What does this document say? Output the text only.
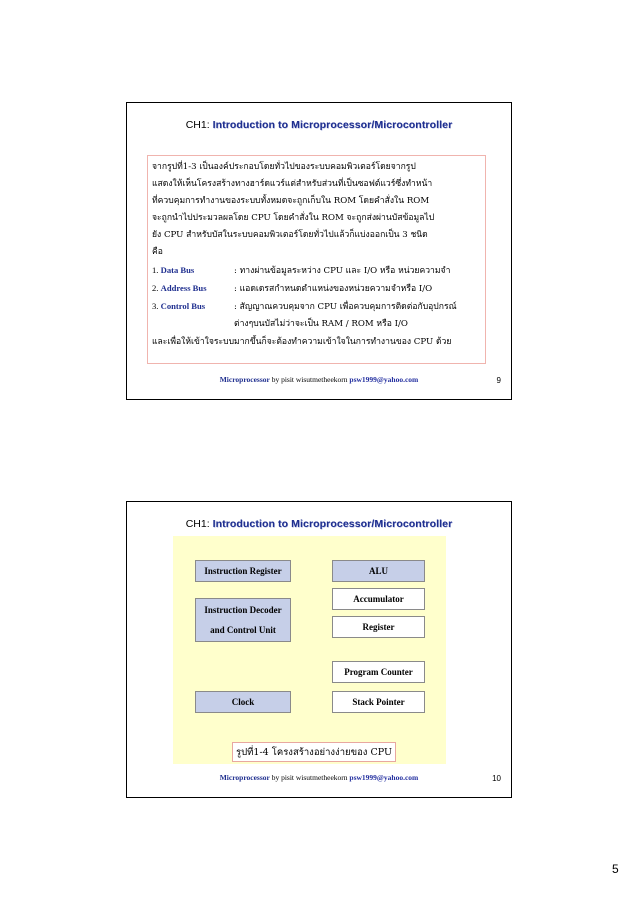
CH1: Introduction to Microprocessor/Microcontroller
จากรูปที่1-3 เป็นองค์ประกอบโดยทั่วไปของระบบคอมพิวเตอร์โดยจากรูป
แสดงให้เห็นโครงสร้างทางฮาร์ดแวร์แต่สำหรับส่วนที่เป็นซอฟต์แวร์ซึ่งทำหน้า
ที่ควบคุมการทำงานของระบบทั้งหมดจะถูกเก็บใน ROM โดยคำสั่งใน ROM
จะถูกนำไปประมวลผลโดย CPU โดยคำสั่งใน ROM จะถูกส่งผ่านบัสข้อมูลไป
ยัง CPU สำหรับบัสในระบบคอมพิวเตอร์โดยทั่วไปแล้วก็แบ่งออกเป็น 3 ชนิด
คือ
1. Data Bus	: ทางผ่านข้อมูลระหว่าง CPU และ I/O หรือ หน่วยความจำ
2. Address Bus	: แอดเดรสกำหนดตำแหน่งของหน่วยความจำหรือ I/O
3. Control Bus	: สัญญาณควบคุมจาก CPU เพื่อควบคุมการติดต่อกับอุปกรณ์
ต่างๆบนบัสไม่ว่าจะเป็น RAM / ROM หรือ I/O
และเพื่อให้เข้าใจระบบมากขึ้นก็จะต้องทำความเข้าใจในการทำงานของ CPU ด้วย
Microprocessor by pisit wisutmetheekorn psw1999@yahoo.com	9
CH1: Introduction to Microprocessor/Microcontroller
Instruction Register	ALU
Accumulator
Instruction Decoder
and Control Unit	Register
Program Counter
Clock	Stack Pointer
รูปที่1-4 โครงสร้างอย่างง่ายของ CPU
Microprocessor by pisit wisutmetheekorn psw1999@yahoo.com	10
5
